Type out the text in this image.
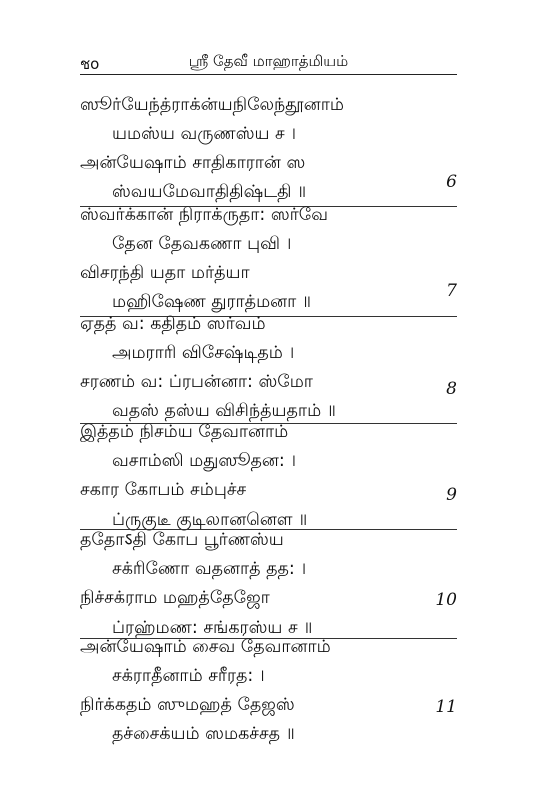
ชo	ஸ்ரீ தேவீ மாஹாத்மியம்
ஸூர்யேந்த்ராக்ன்யநிலேந்தூனாம்
யமஸ்ய வருணஸ்ய ச ।
அன்யேஷாம் சாதிகாரான் ஸ
ஸ்வயமேவாதிதிஷ்டதி ॥	6
ஸ்வர்க்கான் நிராக்ருதா: ஸர்வே
தேன தேவகணா புவி ।
விசரந்தி யதா மர்த்யா
மஹிஷேண துராத்மனா ॥
7
ஏதத் வ: கதிதம் ஸர்வம்
அமராரி விசேஷ்டிதம் ।
சரணம் வ: ப்ரபன்னா: ஸ்மோ
வதஸ் தஸ்ய விசிந்த்யதாம் ॥
8
இத்தம் நிசம்ய தேவானாம்
வசாம்ஸி மதுஸூதன: ।
சகார கோபம் சம்புச்ச
ப்ருகுடீ குடிலானனௌ ॥
9
ததோऽதி கோப பூர்ணஸ்ய
சக்ரிணோ வதனாத் தத: ।
நிச்சக்ராம மஹத்தேஜோ
ப்ரஹ்மண: சங்கரஸ்ய ச ॥
10
அன்யேஷாம் சைவ தேவானாம்
சக்ராதீனாம் சரீரத: ।
நிர்க்கதம் ஸுமஹத் தேஜஸ்
தச்சைக்யம் ஸமகச்சத ॥
11
